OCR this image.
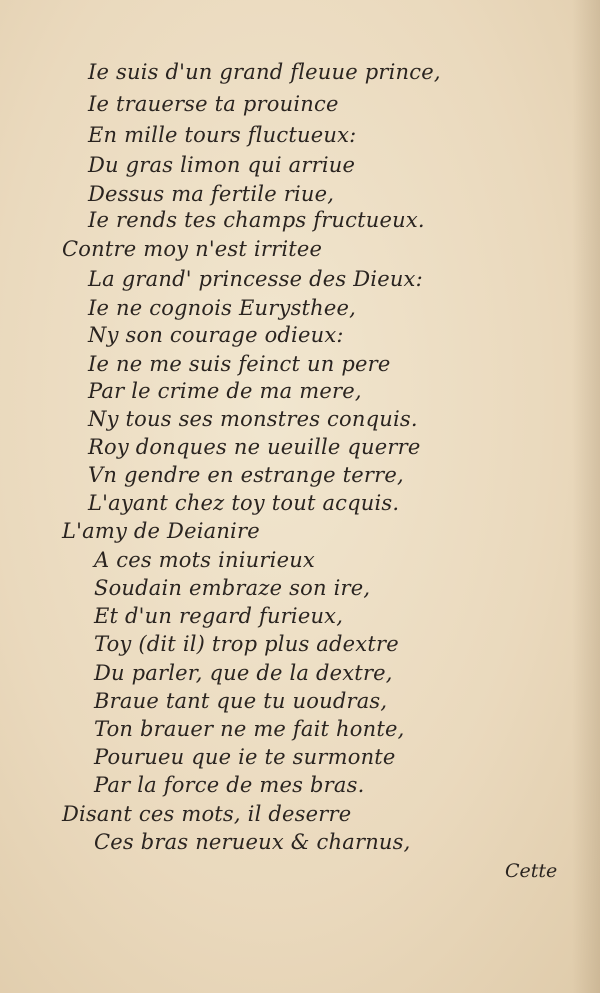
Ie suis d'un grand fleuue prince,
Ie trauerse ta prouince
En mille tours fluctueux:
Du gras limon qui arriue
Dessus ma fertile riue,
Ie rends tes champs fructueux.
Contre moy n'est irritee
La grand' princesse des Dieux:
Ie ne cognois Eurysthee,
Ny son courage odieux:
Ie ne me suis feinct un pere
Par le crime de ma mere,
Ny tous ses monstres conquis.
Roy donques ne ueuille querre
Vn gendre en estrange terre,
L'ayant chez toy tout acquis.
L'amy de Deianire
A ces mots iniurieux
Soudain embraze son ire,
Et d'un regard furieux,
Toy (dit il) trop plus adextre
Du parler, que de la dextre,
Braue tant que tu uoudras,
Ton brauer ne me fait honte,
Pourueu que ie te surmonte
Par la force de mes bras.
Disant ces mots, il deserre
Ces bras nerueux & charnus,
Cette
